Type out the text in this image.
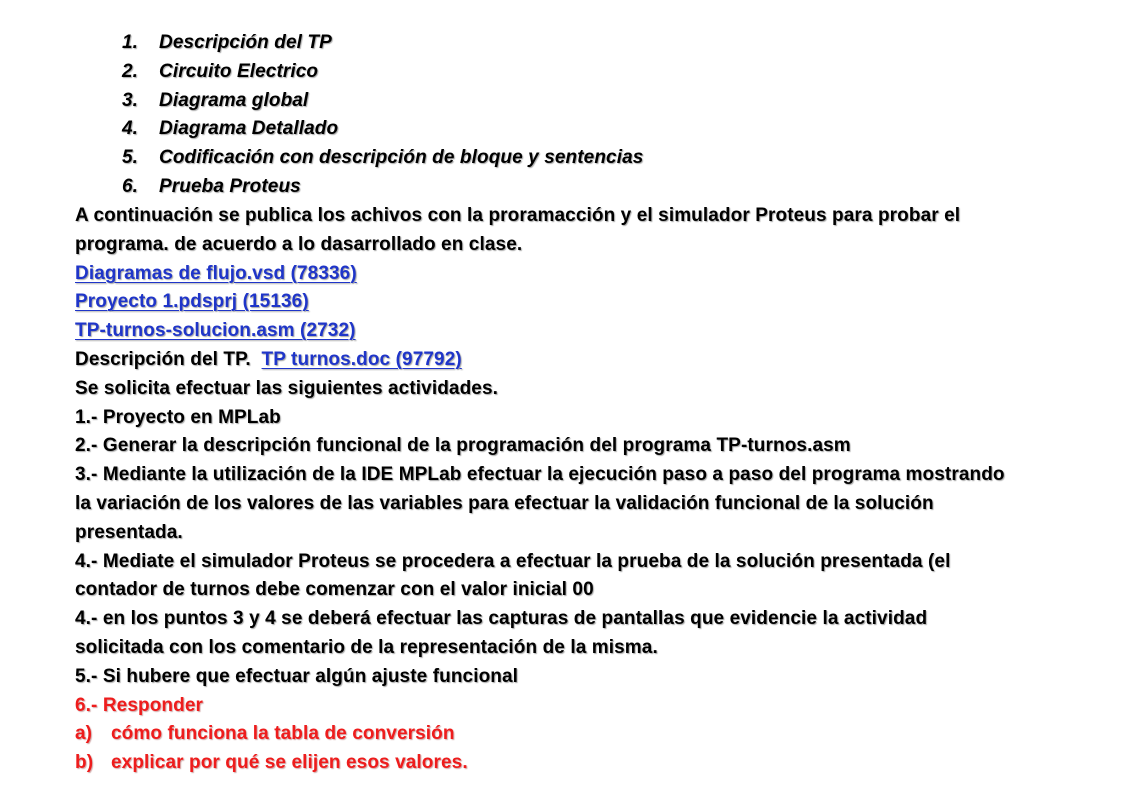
1. Descripción del TP
2. Circuito Electrico
3. Diagrama global
4. Diagrama Detallado
5. Codificación con descripción de bloque y sentencias
6. Prueba Proteus
A continuación se publica los achivos con la proramacción y el simulador Proteus para probar el
programa. de acuerdo a lo dasarrollado en clase.
Diagramas de flujo.vsd (78336)
Proyecto 1.pdsprj (15136)
TP-turnos-solucion.asm (2732)
Descripción del TP. TP turnos.doc (97792)
Se solicita efectuar las siguientes actividades.
1.- Proyecto en MPLab
2.- Generar la descripción funcional de la programación del programa TP-turnos.asm
3.- Mediante la utilización de la IDE MPLab efectuar la ejecución paso a paso del programa mostrando
la variación de los valores de las variables para efectuar la validación funcional de la solución
presentada.
4.- Mediate el simulador Proteus se procedera a efectuar la prueba de la solución presentada (el
contador de turnos debe comenzar con el valor inicial 00
4.- en los puntos 3 y 4 se deberá efectuar las capturas de pantallas que evidencie la actividad
solicitada con los comentario de la representación de la misma.
5.- Si hubere que efectuar algún ajuste funcional
6.- Responder
a) cómo funciona la tabla de conversión
b) explicar por qué se elijen esos valores.
